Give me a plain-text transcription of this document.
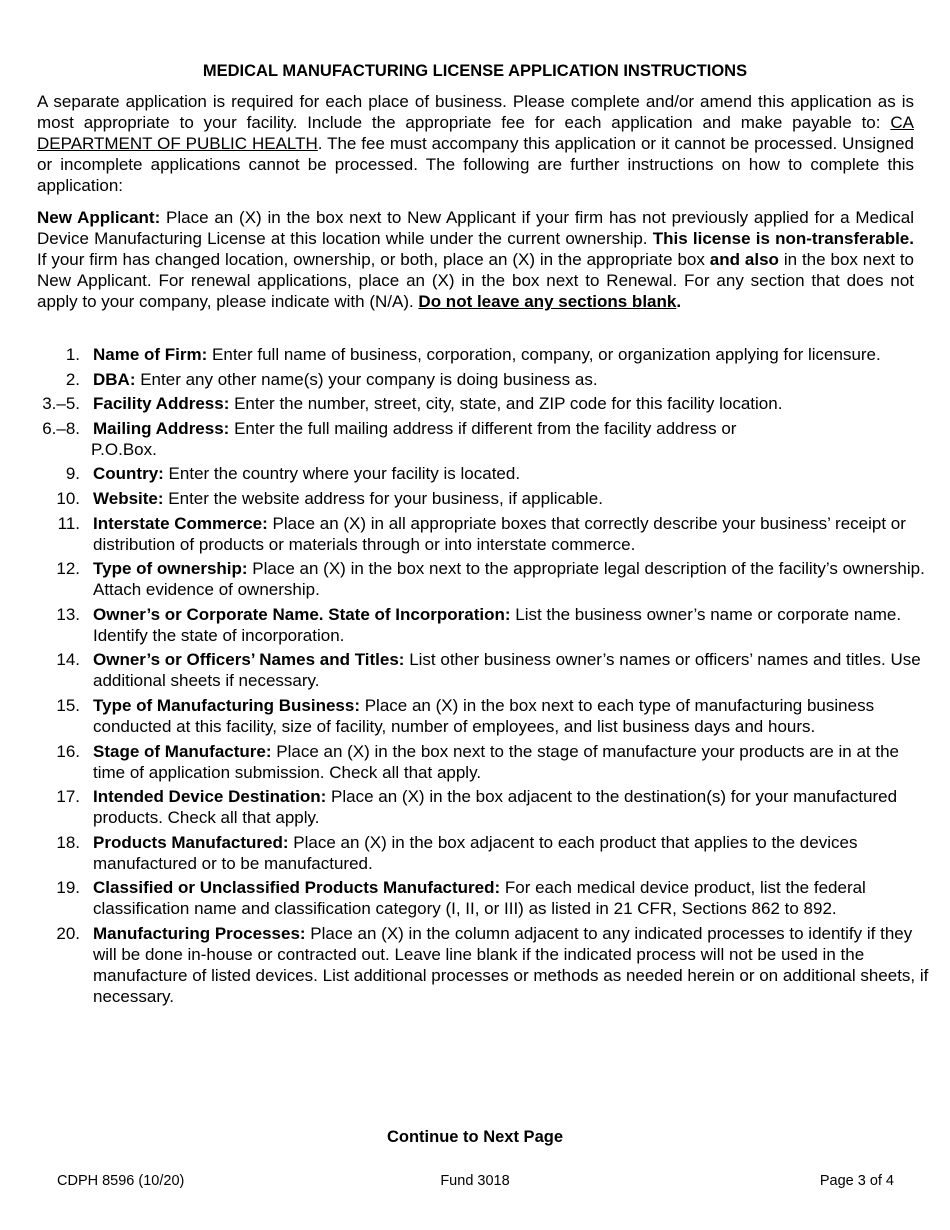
MEDICAL MANUFACTURING LICENSE APPLICATION INSTRUCTIONS

A separate application is required for each place of business. Please complete and/or amend this application as is most appropriate to your facility. Include the appropriate fee for each application and make payable to: CA DEPARTMENT OF PUBLIC HEALTH. The fee must accompany this application or it cannot be processed. Unsigned or incomplete applications cannot be processed. The following are further instructions on how to complete this application:

New Applicant: Place an (X) in the box next to New Applicant if your firm has not previously applied for a Medical Device Manufacturing License at this location while under the current ownership. This license is non-transferable. If your firm has changed location, ownership, or both, place an (X) in the appropriate box and also in the box next to New Applicant. For renewal applications, place an (X) in the box next to Renewal. For any section that does not apply to your company, please indicate with (N/A). Do not leave any sections blank.

1. Name of Firm: Enter full name of business, corporation, company, or organization applying for licensure.
2. DBA: Enter any other name(s) your company is doing business as.
3.–5. Facility Address: Enter the number, street, city, state, and ZIP code for this facility location.
6.–8. Mailing Address: Enter the full mailing address if different from the facility address or
P.O.Box.
9. Country: Enter the country where your facility is located.
10. Website: Enter the website address for your business, if applicable.
11. Interstate Commerce: Place an (X) in all appropriate boxes that correctly describe your business’ receipt or distribution of products or materials through or into interstate commerce.
12. Type of ownership: Place an (X) in the box next to the appropriate legal description of the facility’s ownership. Attach evidence of ownership.
13. Owner’s or Corporate Name. State of Incorporation: List the business owner’s name or corporate name. Identify the state of incorporation.
14. Owner’s or Officers’ Names and Titles: List other business owner’s names or officers’ names and titles. Use additional sheets if necessary.
15. Type of Manufacturing Business: Place an (X) in the box next to each type of manufacturing business conducted at this facility, size of facility, number of employees, and list business days and hours.
16. Stage of Manufacture: Place an (X) in the box next to the stage of manufacture your products are in at the time of application submission. Check all that apply.
17. Intended Device Destination: Place an (X) in the box adjacent to the destination(s) for your manufactured products. Check all that apply.
18. Products Manufactured: Place an (X) in the box adjacent to each product that applies to the devices manufactured or to be manufactured.
19. Classified or Unclassified Products Manufactured: For each medical device product, list the federal classification name and classification category (I, II, or III) as listed in 21 CFR, Sections 862 to 892.
20. Manufacturing Processes: Place an (X) in the column adjacent to any indicated processes to identify if they will be done in-house or contracted out. Leave line blank if the indicated process will not be used in the manufacture of listed devices. List additional processes or methods as needed herein or on additional sheets, if necessary.
Continue to Next Page
CDPH 8596 (10/20)	Fund 3018	Page 3 of 4
